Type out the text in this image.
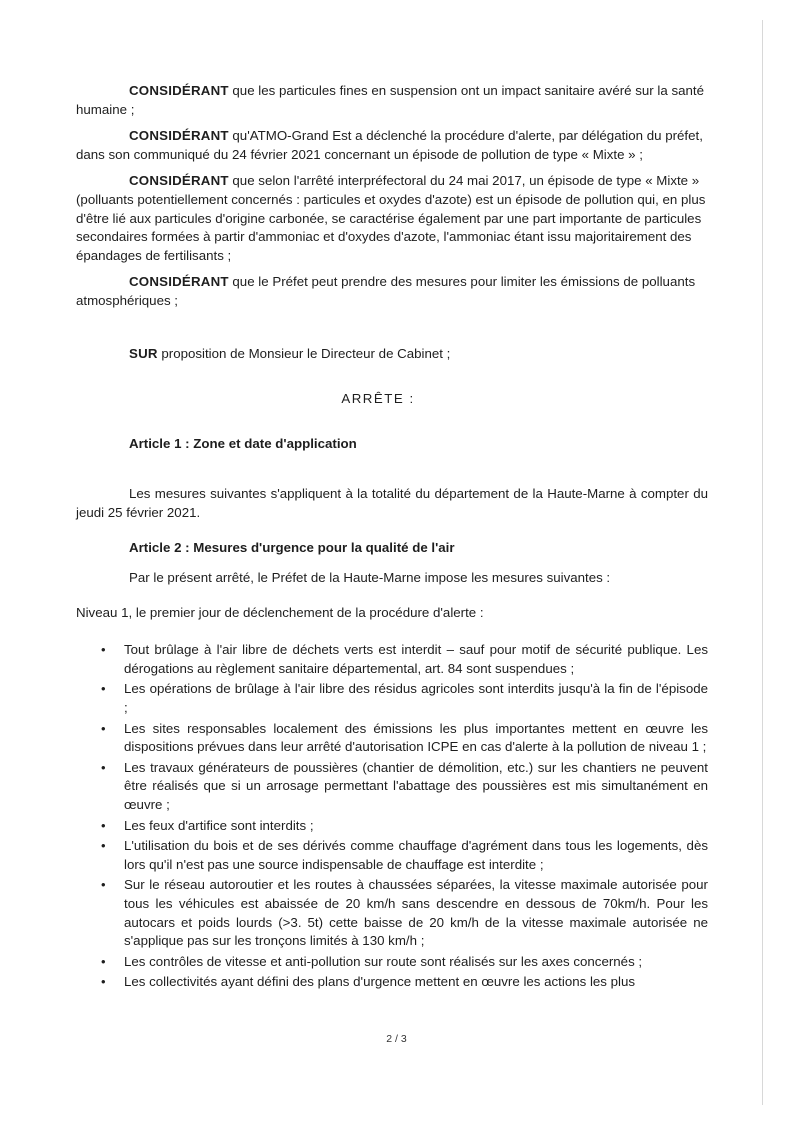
CONSIDÉRANT que les particules fines en suspension ont un impact sanitaire avéré sur la santé humaine ;

CONSIDÉRANT qu'ATMO-Grand Est a déclenché la procédure d'alerte, par délégation du préfet, dans son communiqué du 24 février 2021 concernant un épisode de pollution de type « Mixte » ;

CONSIDÉRANT que selon l'arrêté interpréfectoral du 24 mai 2017, un épisode de type « Mixte » (polluants potentiellement concernés : particules et oxydes d'azote) est un épisode de pollution qui, en plus d'être lié aux particules d'origine carbonée, se caractérise également par une part importante de particules secondaires formées à partir d'ammoniac et d'oxydes d'azote, l'ammoniac étant issu majoritairement des épandages de fertilisants ;

CONSIDÉRANT que le Préfet peut prendre des mesures pour limiter les émissions de polluants atmosphériques ;

SUR proposition de Monsieur le Directeur de Cabinet ;

ARRÊTE :

Article 1 : Zone et date d'application

Les mesures suivantes s'appliquent à la totalité du département de la Haute-Marne à compter du jeudi 25 février 2021.

Article 2 : Mesures d'urgence pour la qualité de l'air

Par le présent arrêté, le Préfet de la Haute-Marne impose les mesures suivantes :

Niveau 1, le premier jour de déclenchement de la procédure d'alerte :

• Tout brûlage à l'air libre de déchets verts est interdit – sauf pour motif de sécurité publique. Les dérogations au règlement sanitaire départemental, art. 84 sont suspendues ;
• Les opérations de brûlage à l'air libre des résidus agricoles sont interdits jusqu'à la fin de l'épisode ;
• Les sites responsables localement des émissions les plus importantes mettent en œuvre les dispositions prévues dans leur arrêté d'autorisation ICPE en cas d'alerte à la pollution de niveau 1 ;
• Les travaux générateurs de poussières (chantier de démolition, etc.) sur les chantiers ne peuvent être réalisés que si un arrosage permettant l'abattage des poussières est mis simultanément en œuvre ;
• Les feux d'artifice sont interdits ;
• L'utilisation du bois et de ses dérivés comme chauffage d'agrément dans tous les logements, dès lors qu'il n'est pas une source indispensable de chauffage est interdite ;
• Sur le réseau autoroutier et les routes à chaussées séparées, la vitesse maximale autorisée pour tous les véhicules est abaissée de 20 km/h sans descendre en dessous de 70km/h. Pour les autocars et poids lourds (>3. 5t) cette baisse de 20 km/h de la vitesse maximale autorisée ne s'applique pas sur les tronçons limités à 130 km/h ;
• Les contrôles de vitesse et anti-pollution sur route sont réalisés sur les axes concernés ;
• Les collectivités ayant défini des plans d'urgence mettent en œuvre les actions les plus
2 / 3
